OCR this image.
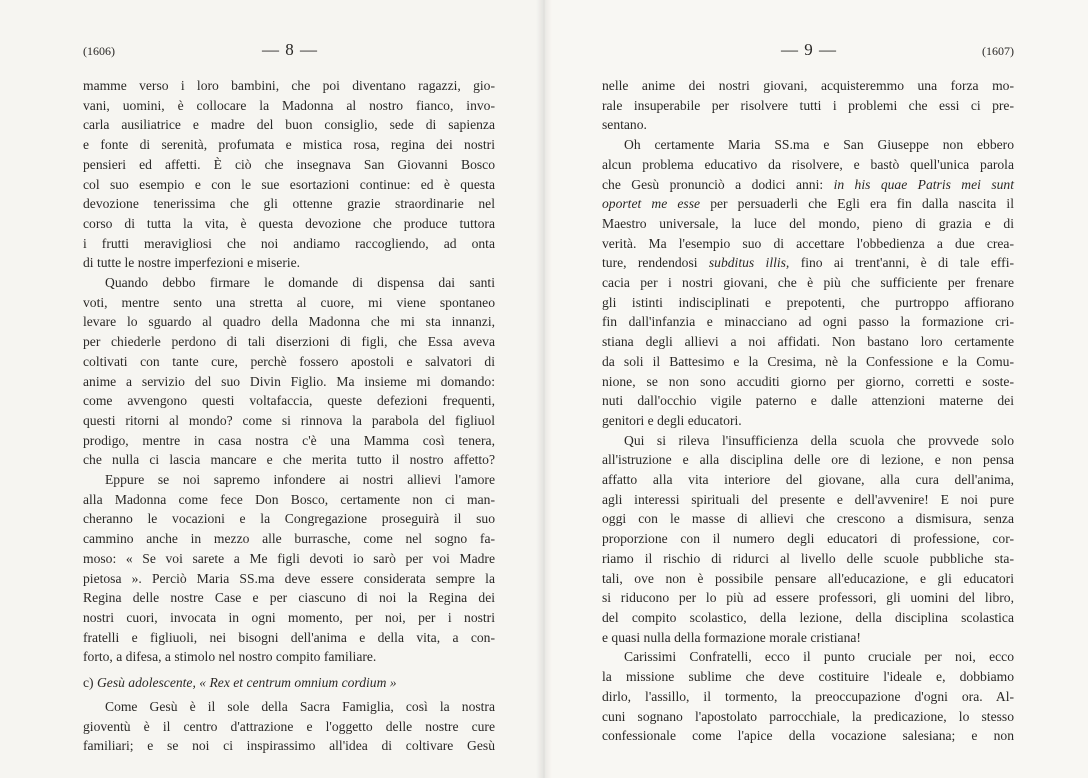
(1606)	— 8 —
mamme verso i loro bambini, che poi diventano ragazzi, gio-
vani, uomini, è collocare la Madonna al nostro fianco, invo-
carla ausiliatrice e madre del buon consiglio, sede di sapienza
e fonte di serenità, profumata e mistica rosa, regina dei nostri
pensieri ed affetti. È ciò che insegnava San Giovanni Bosco
col suo esempio e con le sue esortazioni continue: ed è questa
devozione tenerissima che gli ottenne grazie straordinarie nel
corso di tutta la vita, è questa devozione che produce tuttora
i frutti meravigliosi che noi andiamo raccogliendo, ad onta
di tutte le nostre imperfezioni e miserie.
Quando debbo firmare le domande di dispensa dai santi
voti, mentre sento una stretta al cuore, mi viene spontaneo
levare lo sguardo al quadro della Madonna che mi sta innanzi,
per chiederle perdono di tali diserzioni di figli, che Essa aveva
coltivati con tante cure, perchè fossero apostoli e salvatori di
anime a servizio del suo Divin Figlio. Ma insieme mi domando:
come avvengono questi voltafaccia, queste defezioni frequenti,
questi ritorni al mondo? come si rinnova la parabola del figliuol
prodigo, mentre in casa nostra c'è una Mamma così tenera,
che nulla ci lascia mancare e che merita tutto il nostro affetto?
Eppure se noi sapremo infondere ai nostri allievi l'amore
alla Madonna come fece Don Bosco, certamente non ci man-
cheranno le vocazioni e la Congregazione proseguirà il suo
cammino anche in mezzo alle burrasche, come nel sogno fa-
moso: « Se voi sarete a Me figli devoti io sarò per voi Madre
pietosa ». Perciò Maria SS.ma deve essere considerata sempre la
Regina delle nostre Case e per ciascuno di noi la Regina dei
nostri cuori, invocata in ogni momento, per noi, per i nostri
fratelli e figliuoli, nei bisogni dell'anima e della vita, a con-
forto, a difesa, a stimolo nel nostro compito familiare.
c) Gesù adolescente, « Rex et centrum omnium cordium »
Come Gesù è il sole della Sacra Famiglia, così la nostra
gioventù è il centro d'attrazione e l'oggetto delle nostre cure
familiari; e se noi ci inspirassimo all'idea di coltivare Gesù
— 9 —	(1607)
nelle anime dei nostri giovani, acquisteremmo una forza mo-
rale insuperabile per risolvere tutti i problemi che essi ci pre-
sentano.
Oh certamente Maria SS.ma e San Giuseppe non ebbero
alcun problema educativo da risolvere, e bastò quell'unica parola
che Gesù pronunciò a dodici anni: in his quae Patris mei sunt
oportet me esse per persuaderli che Egli era fin dalla nascita il
Maestro universale, la luce del mondo, pieno di grazia e di
verità. Ma l'esempio suo di accettare l'obbedienza a due crea-
ture, rendendosi subditus illis, fino ai trent'anni, è di tale effi-
cacia per i nostri giovani, che è più che sufficiente per frenare
gli istinti indisciplinati e prepotenti, che purtroppo affiorano
fin dall'infanzia e minacciano ad ogni passo la formazione cri-
stiana degli allievi a noi affidati. Non bastano loro certamente
da soli il Battesimo e la Cresima, nè la Confessione e la Comu-
nione, se non sono accuditi giorno per giorno, corretti e soste-
nuti dall'occhio vigile paterno e dalle attenzioni materne dei
genitori e degli educatori.
Qui si rileva l'insufficienza della scuola che provvede solo
all'istruzione e alla disciplina delle ore di lezione, e non pensa
affatto alla vita interiore del giovane, alla cura dell'anima,
agli interessi spirituali del presente e dell'avvenire! E noi pure
oggi con le masse di allievi che crescono a dismisura, senza
proporzione con il numero degli educatori di professione, cor-
riamo il rischio di ridurci al livello delle scuole pubbliche sta-
tali, ove non è possibile pensare all'educazione, e gli educatori
si riducono per lo più ad essere professori, gli uomini del libro,
del compito scolastico, della lezione, della disciplina scolastica
e quasi nulla della formazione morale cristiana!
Carissimi Confratelli, ecco il punto cruciale per noi, ecco
la missione sublime che deve costituire l'ideale e, dobbiamo
dirlo, l'assillo, il tormento, la preoccupazione d'ogni ora. Al-
cuni sognano l'apostolato parrocchiale, la predicazione, lo stesso
confessionale come l'apice della vocazione salesiana; e non
